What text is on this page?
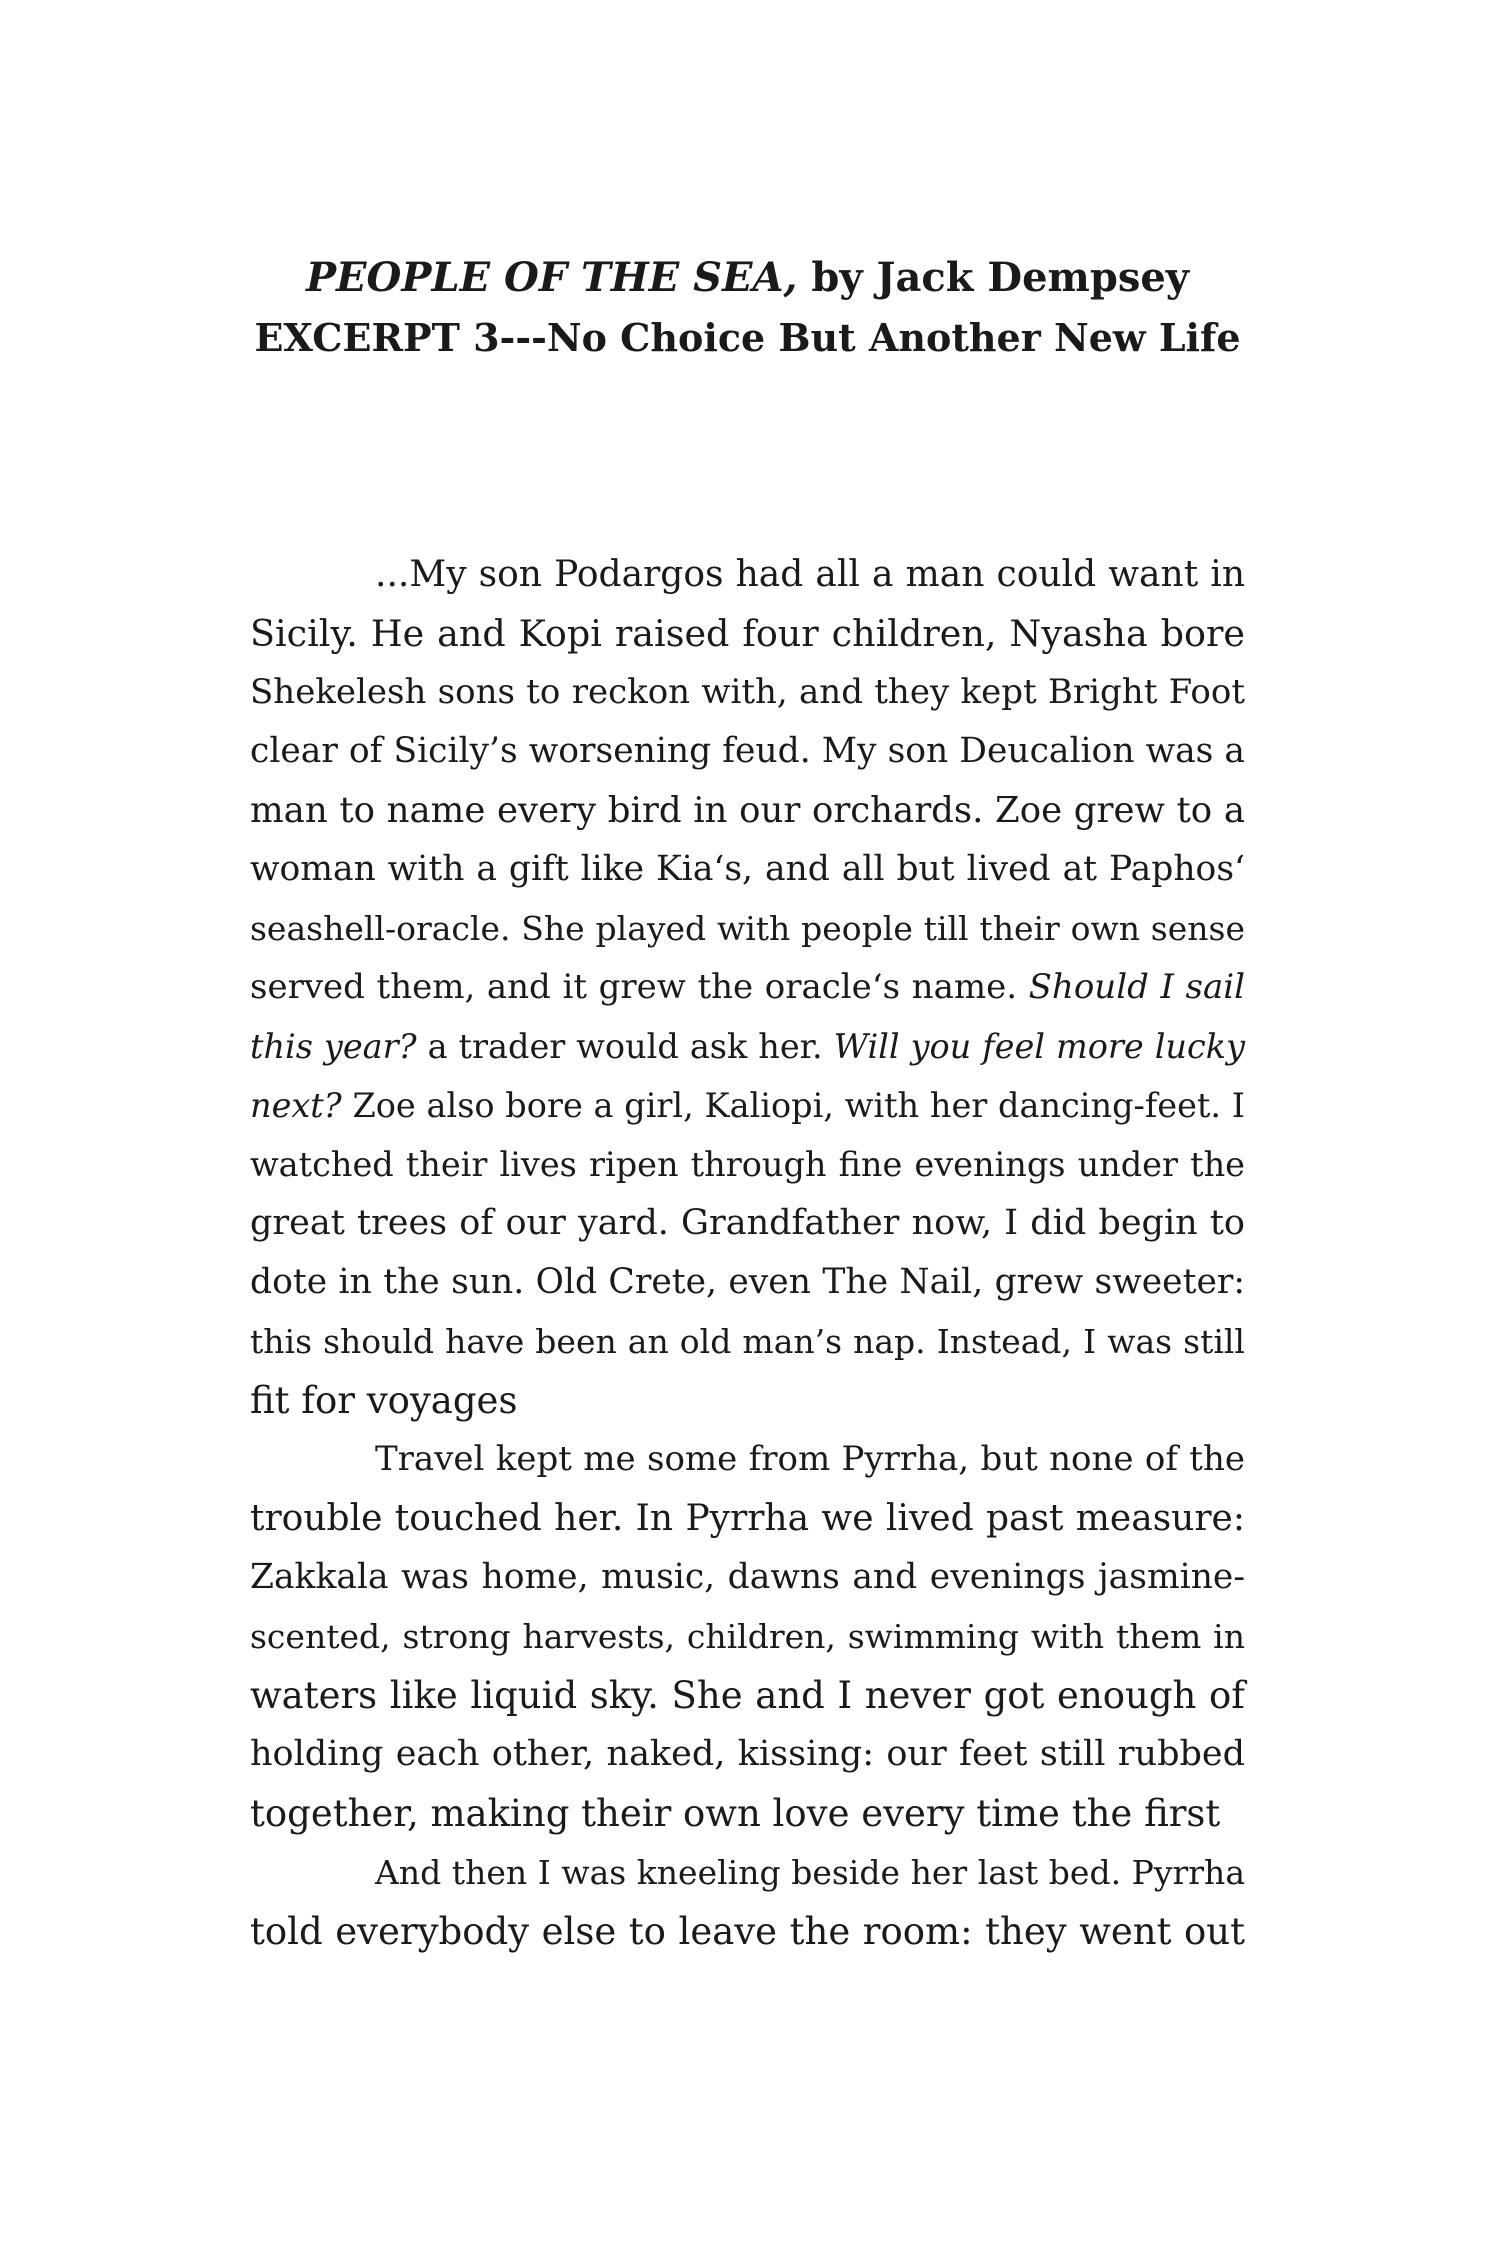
PEOPLE OF THE SEA, by Jack Dempsey
EXCERPT 3---No Choice But Another New Life
...My son Podargos had all a man could want in
Sicily. He and Kopi raised four children, Nyasha bore
Shekelesh sons to reckon with, and they kept Bright Foot
clear of Sicily’s worsening feud. My son Deucalion was a
man to name every bird in our orchards. Zoe grew to a
woman with a gift like Kia‘s, and all but lived at Paphos‘
seashell-oracle. She played with people till their own sense
served them, and it grew the oracle‘s name. Should I sail
this year? a trader would ask her. Will you feel more lucky
next? Zoe also bore a girl, Kaliopi, with her dancing-feet. I
watched their lives ripen through fine evenings under the
great trees of our yard. Grandfather now, I did begin to
dote in the sun. Old Crete, even The Nail, grew sweeter:
this should have been an old man’s nap. Instead, I was still
fit for voyages
Travel kept me some from Pyrrha, but none of the
trouble touched her. In Pyrrha we lived past measure:
Zakkala was home, music, dawns and evenings jasmine-
scented, strong harvests, children, swimming with them in
waters like liquid sky. She and I never got enough of
holding each other, naked, kissing: our feet still rubbed
together, making their own love every time the first
And then I was kneeling beside her last bed. Pyrrha
told everybody else to leave the room: they went out
